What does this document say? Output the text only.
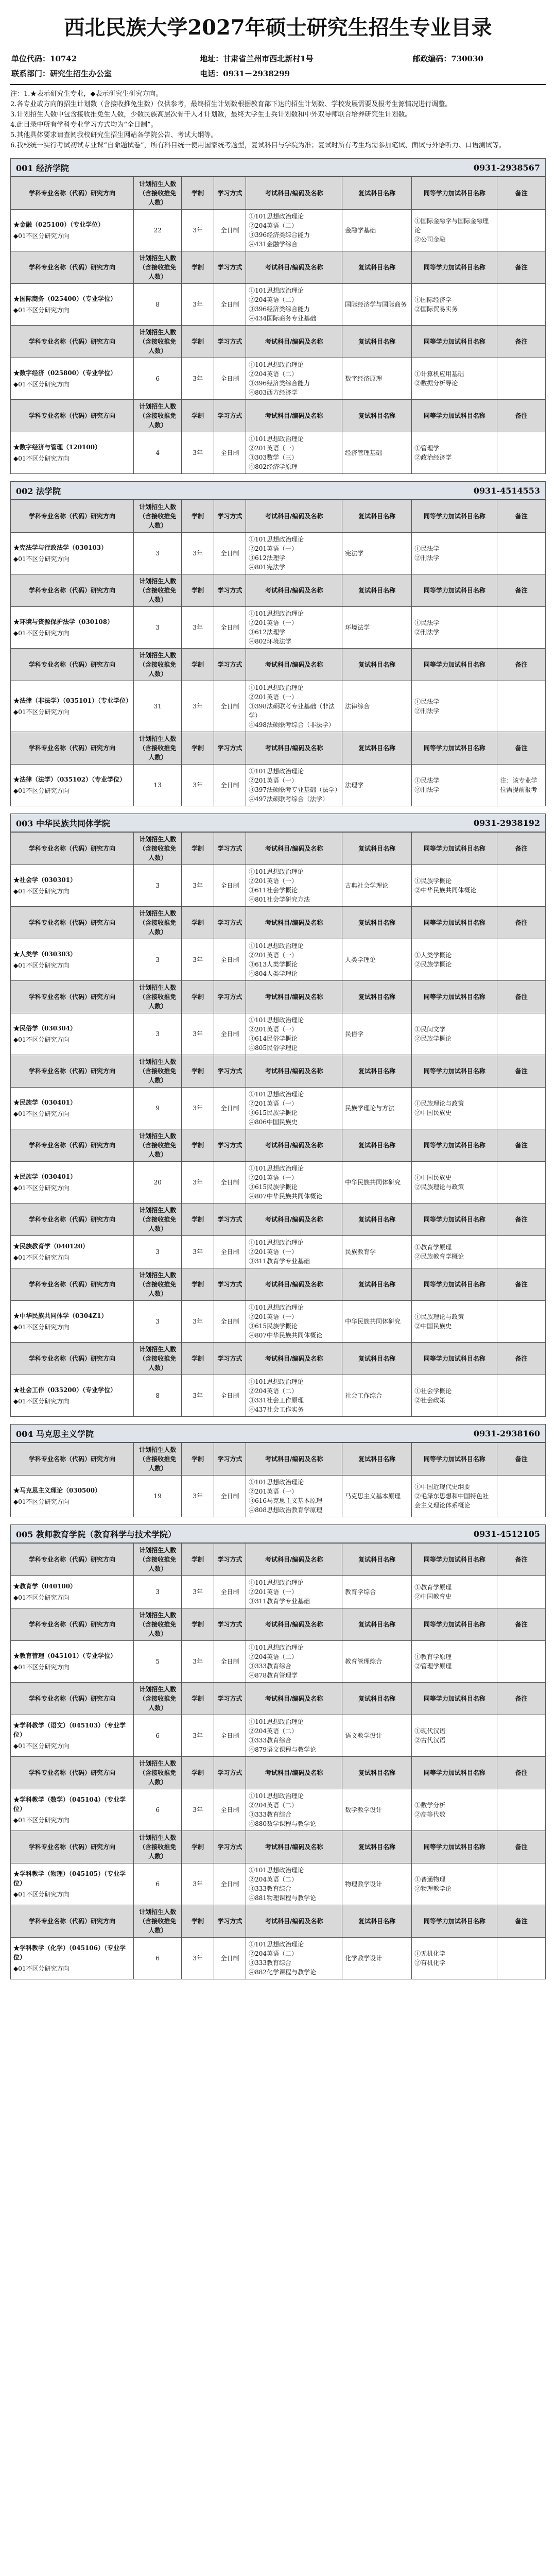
西北民族大学2027年硕士研究生招生专业目录
单位代码：10742	地址：甘肃省兰州市西北新村1号	邮政编码：730030
联系部门：研究生招生办公室	电话：0931－2938299	
注：1.★表示研究生专业，◆表示研究生研究方向。
2.各专业或方向的招生计划数（含接收推免生数）仅供参考，最终招生计划数根据教育部下达的招生计划数、学校发展需要及报考生源情况进行调整。
3.计划招生人数中包含接收推免生人数，少数民族高层次骨干人才计划数，最终大学生士兵计划数和中外双导师联合培养研究生计划数。
4.此目录中所有学科专业学习方式均为“全日制”。
5.其他具体要求请查阅我校研究生招生网站各学院公告、考试大纲等。
6.我校统一实行考试初试专业课“自命题试卷”，所有科目统一使用国家统考题型，复试科目与学院为准；复试时所有考生均需参加笔试、面试与外语听力、口语测试等。
001 经济学院	0931-2938567
学科专业名称（代码）研究方向	计划招生人数（含接收推免人数）	学制	学习方式	考试科目/编码及名称	复试科目名称	同等学力加试科目名称	备注

★金融（025100）（专业学位）
◆01不区分研究方向	22	3年	全日制	①101思想政治理论
②204英语（二）
③396经济类综合能力
④431金融学综合	金融学基础	①国际金融学与国际金融理论
②公司金融	

学科专业名称（代码）研究方向	计划招生人数（含接收推免人数）	学制	学习方式	考试科目/编码及名称	复试科目名称	同等学力加试科目名称	备注

★国际商务（025400）（专业学位）
◆01不区分研究方向	8	3年	全日制	①101思想政治理论
②204英语（二）
③396经济类综合能力
④434国际商务专业基础	国际经济学与国际商务	①国际经济学
②国际贸易实务	

学科专业名称（代码）研究方向	计划招生人数（含接收推免人数）	学制	学习方式	考试科目/编码及名称	复试科目名称	同等学力加试科目名称	备注

★数字经济（025800）（专业学位）
◆01不区分研究方向	6	3年	全日制	①101思想政治理论
②204英语（二）
③396经济类综合能力
④803西方经济学	数字经济原理	①计算机应用基础
②数据分析导论	

学科专业名称（代码）研究方向	计划招生人数（含接收推免人数）	学制	学习方式	考试科目/编码及名称	复试科目名称	同等学力加试科目名称	备注

★数字经济与管理（120100）
◆01不区分研究方向	4	3年	全日制	①101思想政治理论
②201英语（一）
③303数学（三）
④802经济学原理	经济管理基础	①管理学
②政治经济学	

002 法学院	0931-4514553
学科专业名称（代码）研究方向	计划招生人数（含接收推免人数）	学制	学习方式	考试科目/编码及名称	复试科目名称	同等学力加试科目名称	备注

★宪法学与行政法学（030103）
◆01不区分研究方向	3	3年	全日制	①101思想政治理论
②201英语（一）
③612法理学
④801宪法学	宪法学	①民法学
②刑法学	

学科专业名称（代码）研究方向	计划招生人数（含接收推免人数）	学制	学习方式	考试科目/编码及名称	复试科目名称	同等学力加试科目名称	备注

★环境与资源保护法学（030108）
◆01不区分研究方向	3	3年	全日制	①101思想政治理论
②201英语（一）
③612法理学
④802环境法学	环境法学	①民法学
②刑法学	

学科专业名称（代码）研究方向	计划招生人数（含接收推免人数）	学制	学习方式	考试科目/编码及名称	复试科目名称	同等学力加试科目名称	备注

★法律（非法学）（035101）（专业学位）
◆01不区分研究方向	31	3年	全日制	①101思想政治理论
②201英语（一）
③398法硕联考专业基础（非法学）
④498法硕联考综合（非法学）	法律综合	①民法学
②刑法学	

学科专业名称（代码）研究方向	计划招生人数（含接收推免人数）	学制	学习方式	考试科目/编码及名称	复试科目名称	同等学力加试科目名称	备注

★法律（法学）（035102）（专业学位）
◆01不区分研究方向	13	3年	全日制	①101思想政治理论
②201英语（一）
③397法硕联考专业基础（法学）
④497法硕联考综合（法学）	法理学	①民法学
②刑法学	注：该专业学位需提前报考
003 中华民族共同体学院	0931-2938192
学科专业名称（代码）研究方向	计划招生人数（含接收推免人数）	学制	学习方式	考试科目/编码及名称	复试科目名称	同等学力加试科目名称	备注

★社会学（030301）
◆01不区分研究方向	3	3年	全日制	①101思想政治理论
②201英语（一）
③611社会学概论
④801社会学研究方法	古典社会学理论	①民族学概论
②中华民族共同体概论	

学科专业名称（代码）研究方向	计划招生人数（含接收推免人数）	学制	学习方式	考试科目/编码及名称	复试科目名称	同等学力加试科目名称	备注

★人类学（030303）
◆01不区分研究方向	3	3年	全日制	①101思想政治理论
②201英语（一）
③613人类学概论
④804人类学理论	人类学理论	①人类学概论
②民族学概论	

学科专业名称（代码）研究方向	计划招生人数（含接收推免人数）	学制	学习方式	考试科目/编码及名称	复试科目名称	同等学力加试科目名称	备注

★民俗学（030304）
◆01不区分研究方向	3	3年	全日制	①101思想政治理论
②201英语（一）
③614民俗学概论
④805民俗学理论	民俗学	①民间文学
②民族学概论	

学科专业名称（代码）研究方向	计划招生人数（含接收推免人数）	学制	学习方式	考试科目/编码及名称	复试科目名称	同等学力加试科目名称	备注

★民族学（030401）
◆01不区分研究方向	9	3年	全日制	①101思想政治理论
②201英语（一）
③615民族学概论
④806中国民族史	民族学理论与方法	①民族理论与政策
②中国民族史	

学科专业名称（代码）研究方向	计划招生人数（含接收推免人数）	学制	学习方式	考试科目/编码及名称	复试科目名称	同等学力加试科目名称	备注

★民族学（030401）
◆01不区分研究方向	20	3年	全日制	①101思想政治理论
②201英语（一）
③615民族学概论
④807中华民族共同体概论	中华民族共同体研究	①中国民族史
②民族理论与政策	

学科专业名称（代码）研究方向	计划招生人数（含接收推免人数）	学制	学习方式	考试科目/编码及名称	复试科目名称	同等学力加试科目名称	备注

★民族教育学（040120）
◆01不区分研究方向	3	3年	全日制	①101思想政治理论
②201英语（一）
③311教育学专业基础	民族教育学	①教育学原理
②民族教育学概论	

学科专业名称（代码）研究方向	计划招生人数（含接收推免人数）	学制	学习方式	考试科目/编码及名称	复试科目名称	同等学力加试科目名称	备注

★中华民族共同体学（0304Z1）
◆01不区分研究方向	3	3年	全日制	①101思想政治理论
②201英语（一）
③615民族学概论
④807中华民族共同体概论	中华民族共同体研究	①民族理论与政策
②中国民族史	

学科专业名称（代码）研究方向	计划招生人数（含接收推免人数）	学制	学习方式	考试科目/编码及名称	复试科目名称	同等学力加试科目名称	备注

★社会工作（035200）（专业学位）
◆01不区分研究方向	8	3年	全日制	①101思想政治理论
②204英语（二）
③331社会工作原理
④437社会工作实务	社会工作综合	①社会学概论
②社会政策	

004 马克思主义学院	0931-2938160
学科专业名称（代码）研究方向	计划招生人数（含接收推免人数）	学制	学习方式	考试科目/编码及名称	复试科目名称	同等学力加试科目名称	备注

★马克思主义理论（030500）
◆01不区分研究方向	19	3年	全日制	①101思想政治理论
②201英语（一）
③616马克思主义基本原理
④808思想政治教育学原理	马克思主义基本原理	①中国近现代史纲要
②毛泽东思想和中国特色社会主义理论体系概论	

005 教师教育学院（教育科学与技术学院）	0931-4512105
学科专业名称（代码）研究方向	计划招生人数（含接收推免人数）	学制	学习方式	考试科目/编码及名称	复试科目名称	同等学力加试科目名称	备注

★教育学（040100）
◆01不区分研究方向	3	3年	全日制	①101思想政治理论
②201英语（一）
③311教育学专业基础	教育学综合	①教育学原理
②中国教育史	

学科专业名称（代码）研究方向	计划招生人数（含接收推免人数）	学制	学习方式	考试科目/编码及名称	复试科目名称	同等学力加试科目名称	备注

★教育管理（045101）（专业学位）
◆01不区分研究方向	5	3年	全日制	①101思想政治理论
②204英语（二）
③333教育综合
④878教育管理学	教育管理综合	①教育学原理
②管理学原理	

学科专业名称（代码）研究方向	计划招生人数（含接收推免人数）	学制	学习方式	考试科目/编码及名称	复试科目名称	同等学力加试科目名称	备注

★学科教学（语文）（045103）（专业学位）
◆01不区分研究方向	6	3年	全日制	①101思想政治理论
②204英语（二）
③333教育综合
④879语文课程与教学论	语文教学设计	①现代汉语
②古代汉语	

学科专业名称（代码）研究方向	计划招生人数（含接收推免人数）	学制	学习方式	考试科目/编码及名称	复试科目名称	同等学力加试科目名称	备注

★学科教学（数学）（045104）（专业学位）
◆01不区分研究方向	6	3年	全日制	①101思想政治理论
②204英语（二）
③333教育综合
④880数学课程与教学论	数学教学设计	①数学分析
②高等代数	

学科专业名称（代码）研究方向	计划招生人数（含接收推免人数）	学制	学习方式	考试科目/编码及名称	复试科目名称	同等学力加试科目名称	备注

★学科教学（物理）（045105）（专业学位）
◆01不区分研究方向	6	3年	全日制	①101思想政治理论
②204英语（二）
③333教育综合
④881物理课程与教学论	物理教学设计	①普通物理
②物理教学论	

学科专业名称（代码）研究方向	计划招生人数（含接收推免人数）	学制	学习方式	考试科目/编码及名称	复试科目名称	同等学力加试科目名称	备注

★学科教学（化学）（045106）（专业学位）
◆01不区分研究方向	6	3年	全日制	①101思想政治理论
②204英语（二）
③333教育综合
④882化学课程与教学论	化学教学设计	①无机化学
②有机化学	
